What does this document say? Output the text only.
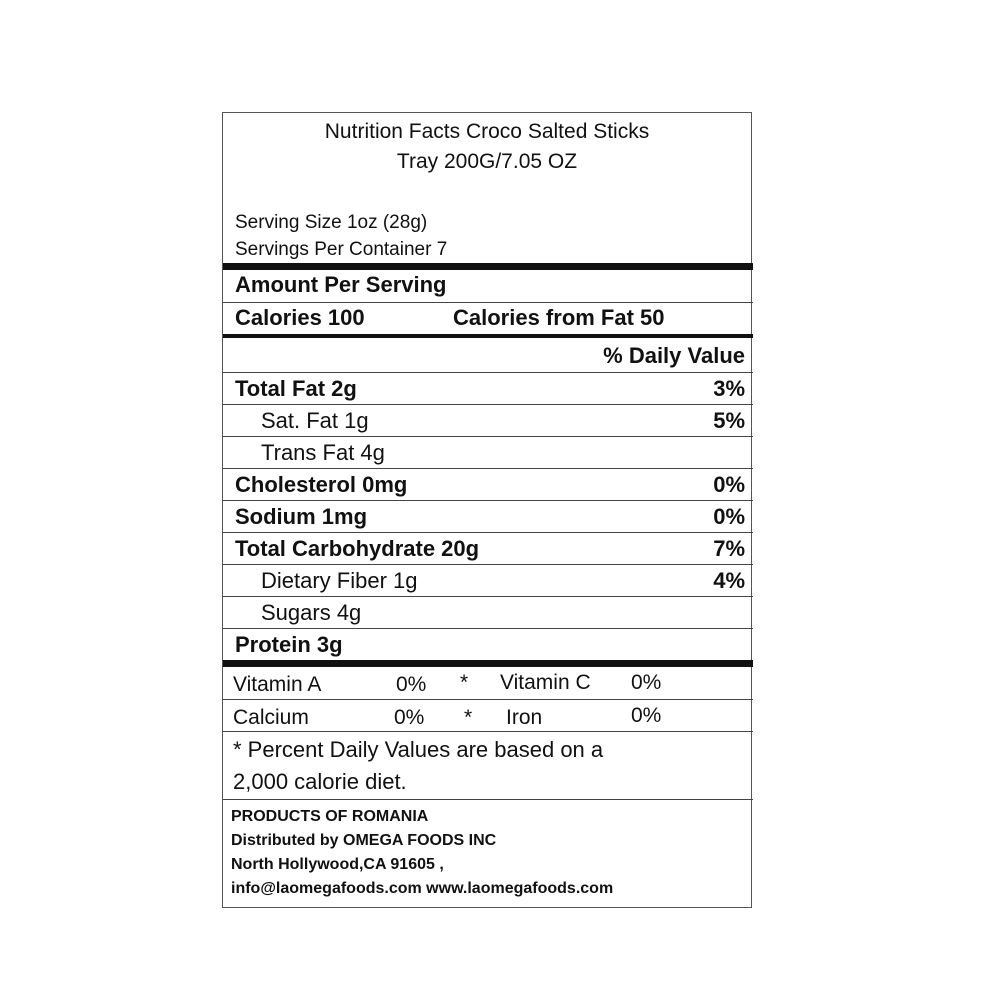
Nutrition Facts Croco Salted Sticks
Tray 200G/7.05 OZ
Serving Size 1oz (28g)
Servings Per Container 7
Amount Per Serving
Calories 100	Calories from Fat 50
% Daily Value
Total Fat 2g	3%
Sat. Fat 1g	5%
Trans Fat 4g
Cholesterol 0mg	0%
Sodium 1mg	0%
Total Carbohydrate 20g	7%
Dietary Fiber 1g	4%
Sugars 4g
Protein 3g
Vitamin A	0% * Vitamin C 0%
Calcium	0% * Iron	0%
* Percent Daily Values are based on a
2,000 calorie diet.
PRODUCTS OF ROMANIA
Distributed by OMEGA FOODS INC
North Hollywood,CA 91605 ,
info@laomegafoods.com www.laomegafoods.com
